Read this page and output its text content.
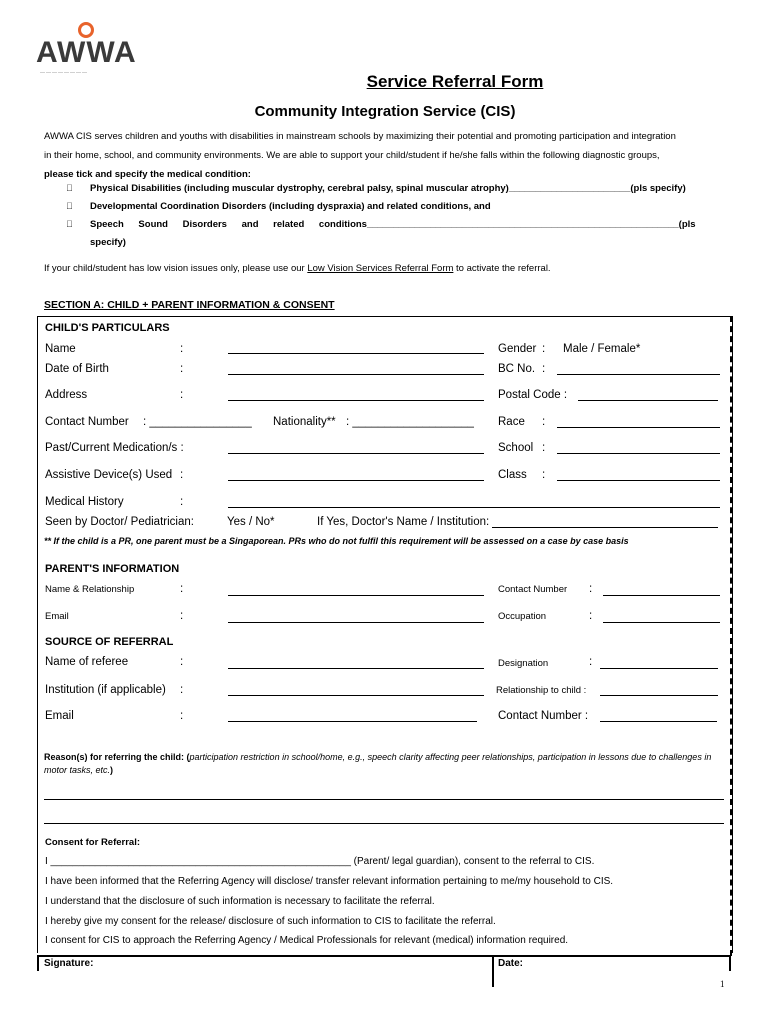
AWWA
————————	Service Referral Form
Community Integration Service (CIS)
AWWA CIS serves children and youths with disabilities in mainstream schools by maximizing their potential and promoting participation and integration
in their home, school, and community environments. We are able to support your child/student if he/she falls within the following diagnostic groups,
please tick and specify the medical condition:
Physical Disabilities (including muscular dystrophy, cerebral palsy, spinal muscular atrophy)_______________________(pls specify)
Developmental Coordination Disorders (including dyspraxia) and related conditions, and
Speech Sound Disorders and related conditions___________________________________________________________(pls
specify)
If your child/student has low vision issues only, please use our Low Vision Services Referral Form to activate the referral.
SECTION A: CHILD + PARENT INFORMATION & CONSENT
CHILD'S PARTICULARS
Name	:	Gender : Male / Female*
Date of Birth	:	BC No. :
Address	:	Postal Code :
Contact Number : ________________ Nationality** : ___________________ Race :
Past/Current Medication/s :	School :
Assistive Device(s) Used :	Class :
Medical History	:
Seen by Doctor/ Pediatrician:	Yes / No*	If Yes, Doctor's Name / Institution:
** If the child is a PR, one parent must be a Singaporean. PRs who do not fulfil this requirement will be assessed on a case by case basis
PARENT'S INFORMATION
Name & Relationship	:	Contact Number :
Email	:	Occupation	:
SOURCE OF REFERRAL
Name of referee	:	Designation	:
Institution (if applicable) :	Relationship to child :
Email	:	Contact Number :
Reason(s) for referring the child: (participation restriction in school/home, e.g., speech clarity affecting peer relationships, participation in lessons due to challenges in motor tasks, etc.)
Consent for Referral:
I ______________________________________________________ (Parent/ legal guardian), consent to the referral to CIS.
I have been informed that the Referring Agency will disclose/ transfer relevant information pertaining to me/my household to CIS.
I understand that the disclosure of such information is necessary to facilitate the referral.
I hereby give my consent for the release/ disclosure of such information to CIS to facilitate the referral.
I consent for CIS to approach the Referring Agency / Medical Professionals for relevant (medical) information required.
Signature:	Date:
1
